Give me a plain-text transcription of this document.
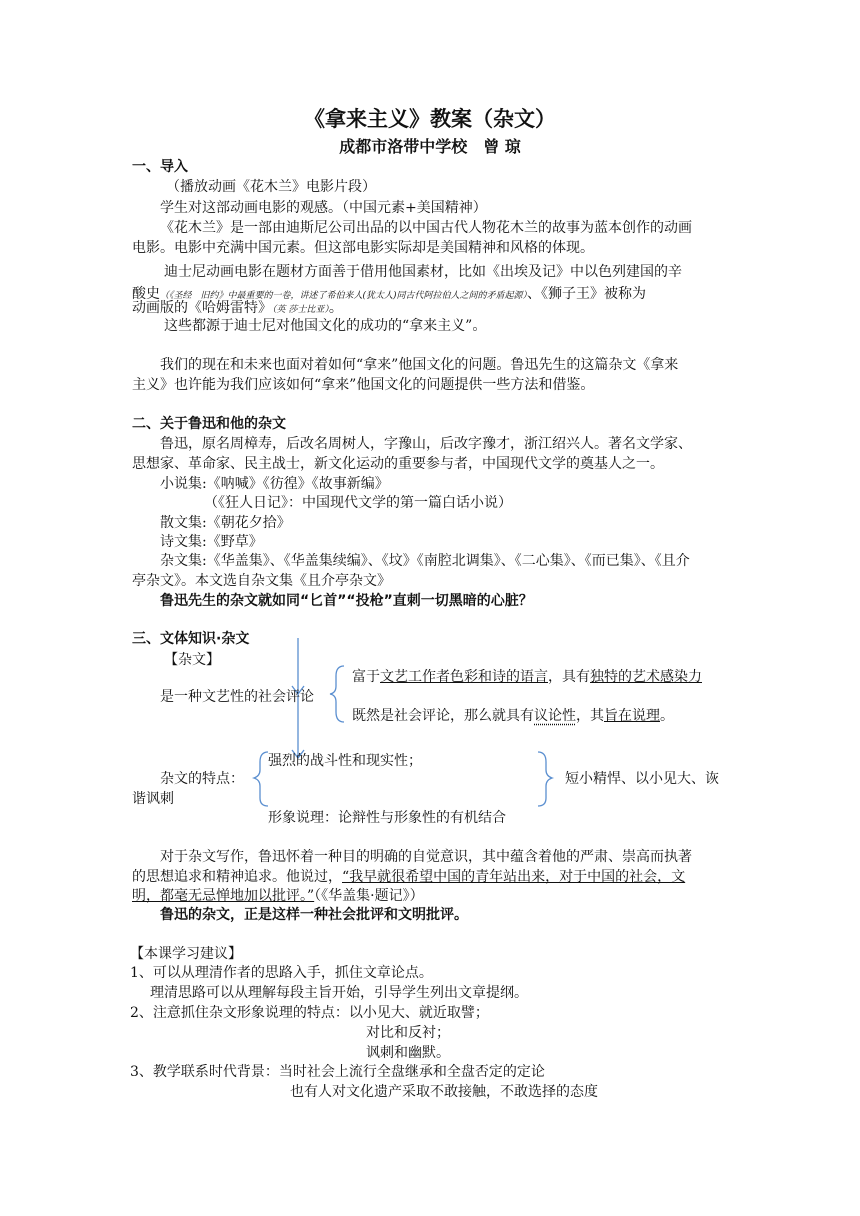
《拿来主义》教案（杂文）
成都市洛带中学校　曾 琼
一、导入
（播放动画《花木兰》电影片段）
学生对这部动画电影的观感。（中国元素+美国精神）
《花木兰》是一部由迪斯尼公司出品的以中国古代人物花木兰的故事为蓝本创作的动画
电影。电影中充满中国元素。但这部电影实际却是美国精神和风格的体现。
迪士尼动画电影在题材方面善于借用他国素材，比如《出埃及记》中以色列建国的辛
酸史（《圣经　旧约》中最重要的一卷，讲述了希伯来人(犹太人)同古代阿拉伯人之间的矛盾起源）、《狮子王》被称为
动画版的《哈姆雷特》（英 莎士比亚）。
这些都源于迪士尼对他国文化的成功的“拿来主义”。
我们的现在和未来也面对着如何“拿来”他国文化的问题。鲁迅先生的这篇杂文《拿来
主义》也许能为我们应该如何“拿来”他国文化的问题提供一些方法和借鉴。
二、关于鲁迅和他的杂文
鲁迅，原名周樟寿，后改名周树人，字豫山，后改字豫才，浙江绍兴人。著名文学家、
思想家、革命家、民主战士，新文化运动的重要参与者，中国现代文学的奠基人之一。
小说集:《呐喊》《彷徨》《故事新编》
（《狂人日记》：中国现代文学的第一篇白话小说）
散文集:《朝花夕拾》
诗文集:《野草》
杂文集:《华盖集》、《华盖集续编》、《坟》《南腔北调集》、《二心集》、《而已集》、《且介
亭杂文》。本文选自杂文集《且介亭杂文》
鲁迅先生的杂文就如同“匕首”“投枪”直刺一切黑暗的心脏？
三、文体知识·杂文
【杂文】
是一种文艺性的社会评论
富于文艺工作者色彩和诗的语言，具有独特的艺术感染力
既然是社会评论，那么就具有议论性，其旨在说理。
强烈的战斗性和现实性；
杂文的特点：	短小精悍、以小见大、诙
谐讽刺
形象说理：论辩性与形象性的有机结合
对于杂文写作，鲁迅怀着一种目的明确的自觉意识，其中蕴含着他的严肃、崇高而执著
的思想追求和精神追求。他说过，“我早就很希望中国的青年站出来，对于中国的社会，文
明，都毫无忌惮地加以批评。”（《华盖集·题记》）
鲁迅的杂文，正是这样一种社会批评和文明批评。
【本课学习建议】
1、可以从理清作者的思路入手，抓住文章论点。
理清思路可以从理解每段主旨开始，引导学生列出文章提纲。
2、注意抓住杂文形象说理的特点：以小见大、就近取譬；
对比和反衬；
讽刺和幽默。
3、教学联系时代背景：当时社会上流行全盘继承和全盘否定的定论
也有人对文化遗产采取不敢接触，不敢选择的态度
